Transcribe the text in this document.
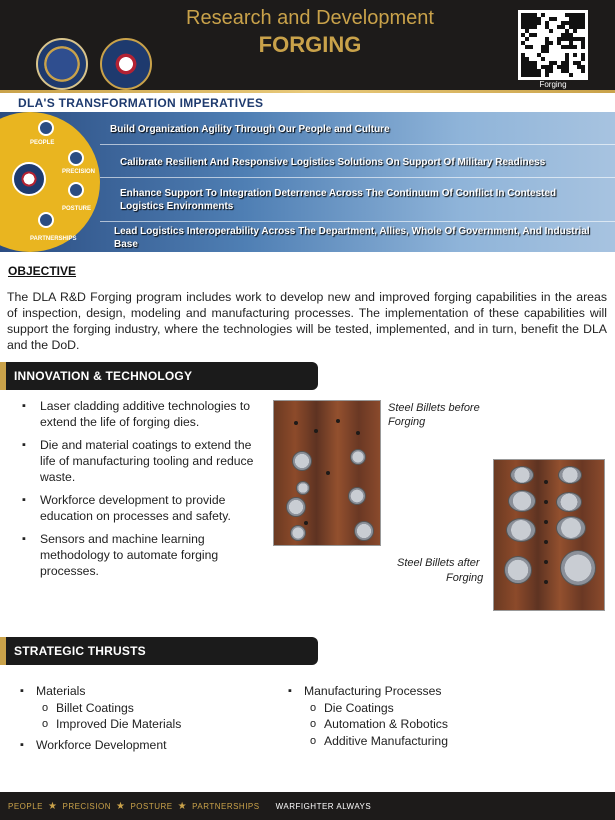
Research and Development
FORGING
Forging
DLA'S TRANSFORMATION IMPERATIVES
PEOPLE
PRECISION
POSTURE
PARTNERSHIPS
Build Organization Agility Through Our People and Culture
Calibrate Resilient And Responsive Logistics Solutions On Support Of Military Readiness
Enhance Support To Integration Deterrence Across The Continuum Of Conflict In Contested Logistics Environments
Lead Logistics Interoperability Across The Department, Allies, Whole Of Government, And Industrial Base
OBJECTIVE
The DLA R&D Forging program includes work to develop new and improved forging capabilities in the areas of inspection, design, modeling and manufacturing processes. The implementation of these capabilities will support the forging industry, where the technologies will be tested, implemented, and in turn, benefit the DLA and the DoD.
INNOVATION & TECHNOLOGY
▪ Laser cladding additive technologies to extend the life of forging dies.
▪ Die and material coatings to extend the life of manufacturing tooling and reduce waste.
▪ Workforce development to provide education on processes and safety.
▪ Sensors and machine learning methodology to automate forging processes.
Steel Billets before
Forging
Steel Billets after
Forging
STRATEGIC THRUSTS
▪ Materials
o Billet Coatings
o Improved Die Materials
▪ Workforce Development
▪ Manufacturing Processes
o Die Coatings
o Automation & Robotics
o Additive Manufacturing
PEOPLE ★ PRECISION ★ POSTURE ★ PARTNERSHIPS WARFIGHTER ALWAYS
